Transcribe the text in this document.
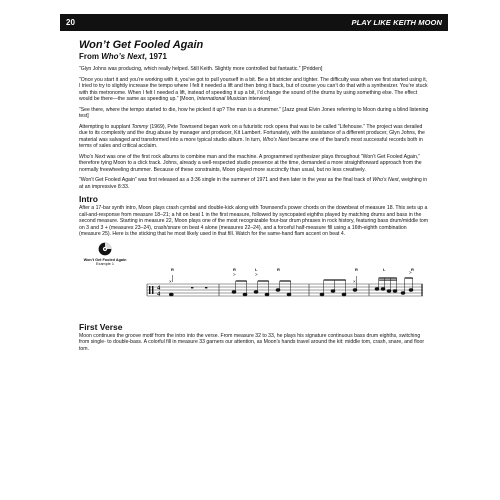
20	PLAY LIKE KEITH MOON
Won’t Get Fooled Again
From Who’s Next, 1971

“Glyn Johns was producing, which really helped. Still Keith. Slightly more controlled but fantastic.” [Pridden]

“Once you start it and you’re working with it, you’ve got to pull yourself in a bit. Be a bit stricter and tighter. The difficulty was when we first started using it, I tried to try to slightly increase the tempo where I felt it needed a lift and then bring it back, but of course you can’t do that with a synthesizer. You’re stuck with this metronome. When I felt I needed a lift, instead of speeding it up a bit, I’d change the sound of the drums by using something else. The effect would be there—the same as speeding up.” [Moon, International Musician interview]

“See there, where the tempo started to die, how he picked it up? The man is a drummer.” [Jazz great Elvin Jones referring to Moon during a blind listening test]

Attempting to supplant Tommy (1969), Pete Townsend began work on a futuristic rock opera that was to be called “Lifehouse.” The project was derailed due to its complexity and the drug abuse by manager and producer, Kit Lambert. Fortunately, with the assistance of a different producer, Glyn Johns, the material was salvaged and transformed into a more typical studio album. In turn, Who’s Next became one of the band’s most successful records both in terms of sales and critical acclaim.

Who’s Next was one of the first rock albums to combine man and the machine. A programmed synthesizer plays throughout “Won’t Get Fooled Again,” therefore tying Moon to a click track. Johns, already a well-respected studio presence at the time, demanded a more straightforward approach from the normally freewheeling drummer. Because of these constraints, Moon played more succinctly than usual, but no less creatively.

“Won’t Get Fooled Again” was first released as a 3:36 single in the summer of 1971 and then later in the year as the final track of Who’s Next, weighing in at an impressive 8:33.

Intro

After a 17-bar synth intro, Moon plays crash cymbal and double-kick along with Townsend’s power chords on the downbeat of measure 18. This sets up a call-and-response from measure 18–21; a hit on beat 1 in the first measure, followed by syncopated eighths played by matching drums and bass in the second measure. Starting in measure 22, Moon plays one of the most recognizable four-bar drum phrases in rock history, featuring bass drum/middle tom on 3 and 3 + (measures 23–24), crash/snare on beat 4 alone (measures 22–24), and a forceful half-measure fill using a 16th-eighth combination (measure 25). Here is the sticking that he most likely used in that fill. Watch for the same-hand flam accent on beat 4.

Won’t Get Fooled Again
Example 1
4
4
×
>	>
×
>
R	R	L	R	R	L	R
First Verse

Moon continues the groove motif from the intro into the verse. From measure 32 to 33, he plays his signature continuous bass drum eighths, switching from single- to double-bass. A colorful fill in measure 33 garners our attention, as Moon’s hands travel around the kit: middle tom, crash, snare, and floor tom.
